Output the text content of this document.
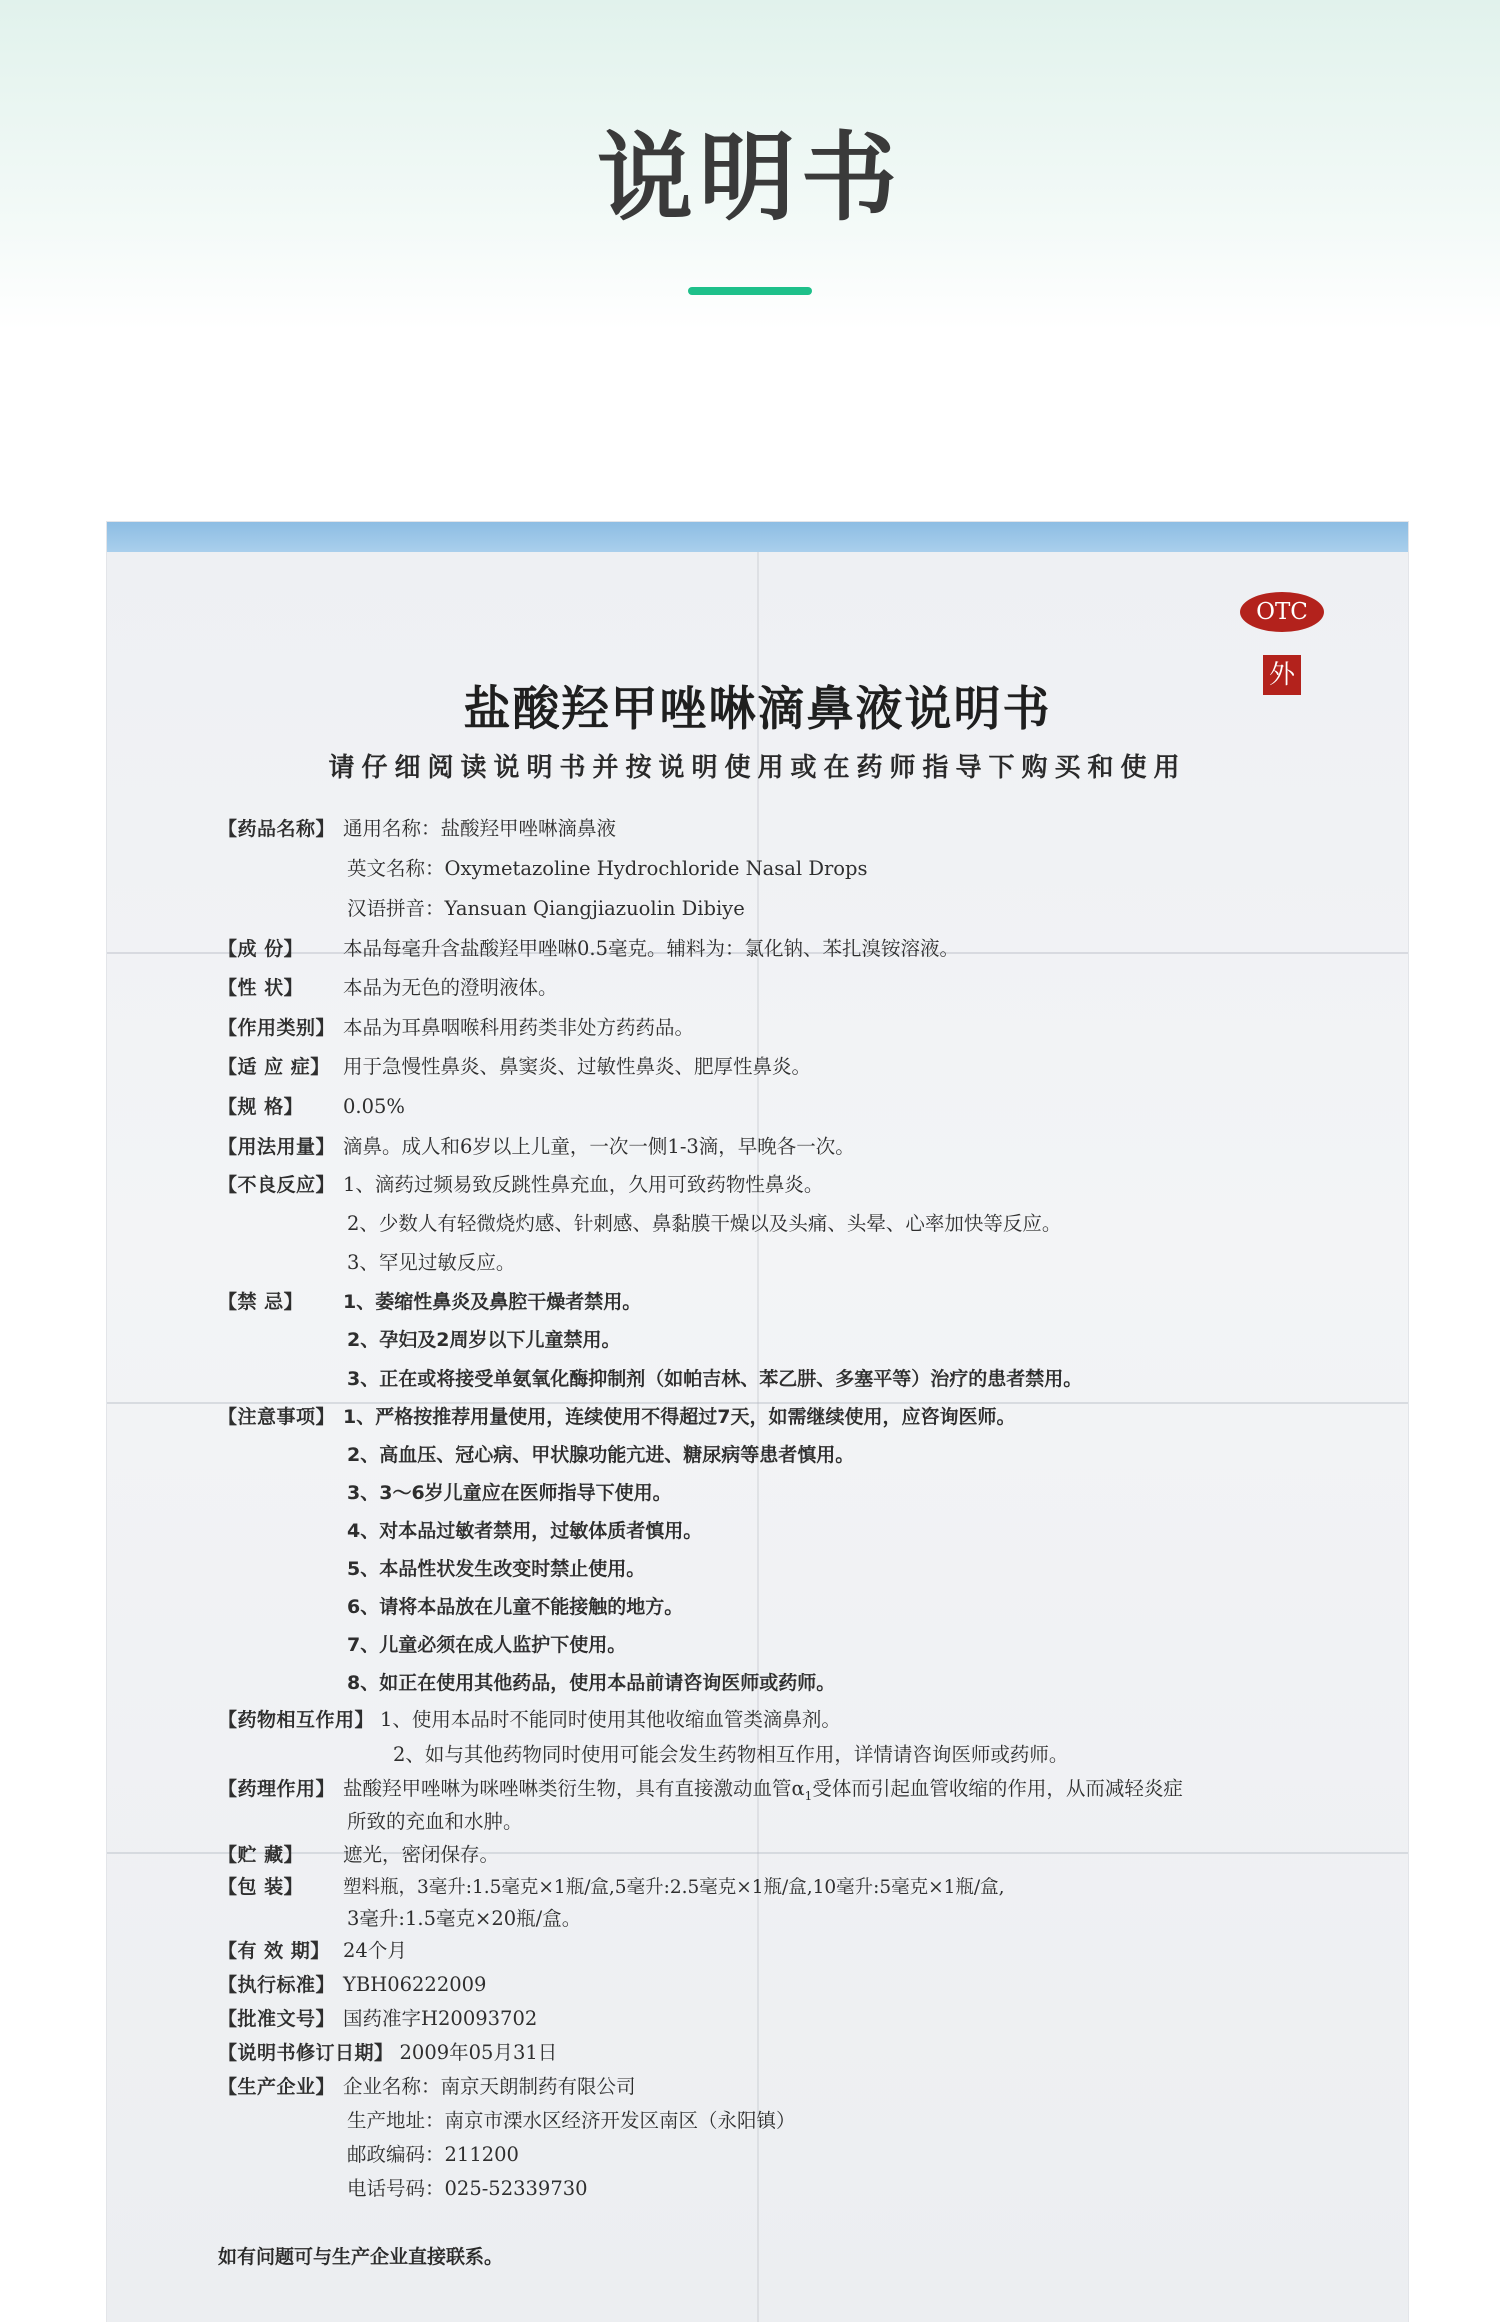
说明书
OTC
外
盐酸羟甲唑啉滴鼻液说明书
请仔细阅读说明书并按说明使用或在药师指导下购买和使用
【药品名称】 通用名称：盐酸羟甲唑啉滴鼻液
英文名称：Oxymetazoline Hydrochloride Nasal Drops
汉语拼音：Yansuan Qiangjiazuolin Dibiye
【成 份】 本品每毫升含盐酸羟甲唑啉0.5毫克。辅料为：氯化钠、苯扎溴铵溶液。
【性 状】 本品为无色的澄明液体。
【作用类别】 本品为耳鼻咽喉科用药类非处方药药品。
【适 应 症】 用于急慢性鼻炎、鼻窦炎、过敏性鼻炎、肥厚性鼻炎。
【规 格】 0.05%
【用法用量】 滴鼻。成人和6岁以上儿童，一次一侧1-3滴，早晚各一次。
【不良反应】 1、滴药过频易致反跳性鼻充血，久用可致药物性鼻炎。
2、少数人有轻微烧灼感、针刺感、鼻黏膜干燥以及头痛、头晕、心率加快等反应。
3、罕见过敏反应。
【禁 忌】 1、萎缩性鼻炎及鼻腔干燥者禁用。
2、孕妇及2周岁以下儿童禁用。
3、正在或将接受单氨氧化酶抑制剂（如帕吉林、苯乙肼、多塞平等）治疗的患者禁用。
【注意事项】 1、严格按推荐用量使用，连续使用不得超过7天，如需继续使用，应咨询医师。
2、高血压、冠心病、甲状腺功能亢进、糖尿病等患者慎用。
3、3～6岁儿童应在医师指导下使用。
4、对本品过敏者禁用，过敏体质者慎用。
5、本品性状发生改变时禁止使用。
6、请将本品放在儿童不能接触的地方。
7、儿童必须在成人监护下使用。
8、如正在使用其他药品，使用本品前请咨询医师或药师。
【药物相互作用】 1、使用本品时不能同时使用其他收缩血管类滴鼻剂。
2、如与其他药物同时使用可能会发生药物相互作用，详情请咨询医师或药师。
【药理作用】 盐酸羟甲唑啉为咪唑啉类衍生物，具有直接激动血管$\alpha_1$受体而引起血管收缩的作用，从而减轻炎症
所致的充血和水肿。
【贮 藏】 遮光，密闭保存。
【包 装】 塑料瓶，3毫升:1.5毫克×1瓶/盒,5毫升:2.5毫克×1瓶/盒,10毫升:5毫克×1瓶/盒,
3毫升:1.5毫克×20瓶/盒。
【有 效 期】 24个月
【执行标准】 YBH06222009
【批准文号】 国药准字H20093702
【说明书修订日期】 2009年05月31日
【生产企业】 企业名称：南京天朗制药有限公司
生产地址：南京市溧水区经济开发区南区（永阳镇）
邮政编码：211200
电话号码：025-52339730
如有问题可与生产企业直接联系。
